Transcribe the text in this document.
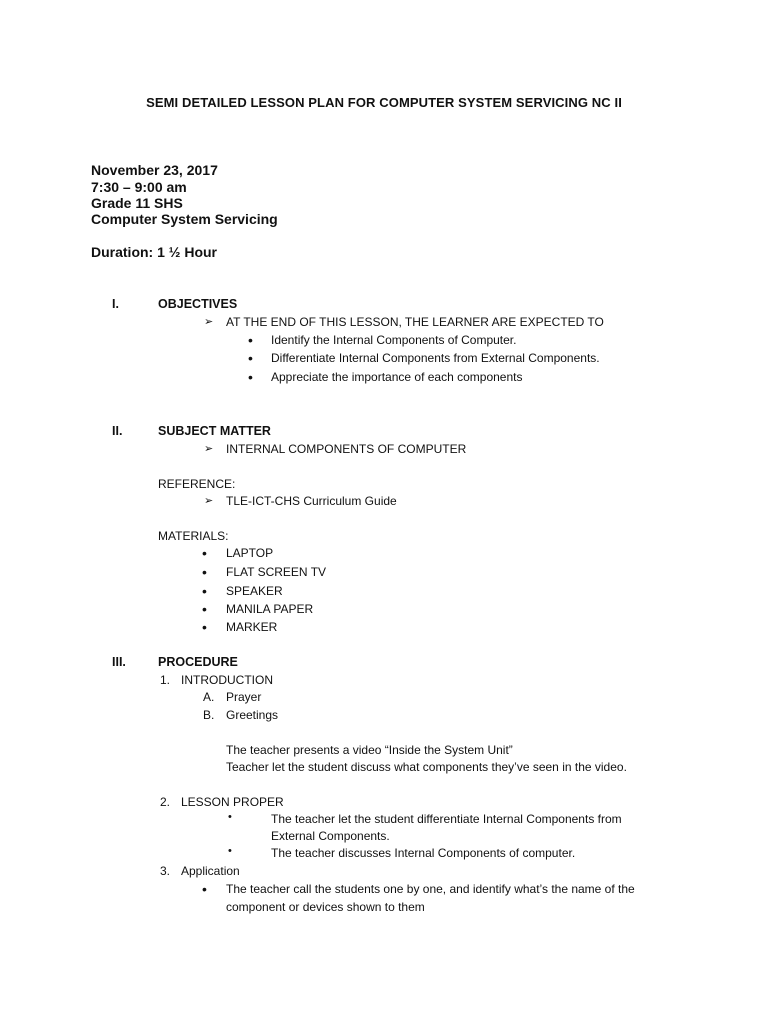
SEMI DETAILED LESSON PLAN FOR COMPUTER SYSTEM SERVICING NC II
November 23, 2017
7:30 – 9:00 am
Grade 11 SHS
Computer System Servicing
Duration: 1 ½ Hour
I.	OBJECTIVES
➢ AT THE END OF THIS LESSON, THE LEARNER ARE EXPECTED TO
• Identify the Internal Components of Computer.
• Differentiate Internal Components from External Components.
• Appreciate the importance of each components
II.	SUBJECT MATTER
➢ INTERNAL COMPONENTS OF COMPUTER
REFERENCE:
➢ TLE-ICT-CHS Curriculum Guide
MATERIALS:
• LAPTOP
• FLAT SCREEN TV
• SPEAKER
• MANILA PAPER
• MARKER
III.	PROCEDURE
1. INTRODUCTION
A. Prayer
B. Greetings
The teacher presents a video “Inside the System Unit”
Teacher let the student discuss what components they’ve seen in the video.
2. LESSON PROPER
•	The teacher let the student differentiate Internal Components from
External Components.
•	The teacher discusses Internal Components of computer.
3. Application
• The teacher call the students one by one, and identify what’s the name of the
component or devices shown to them
